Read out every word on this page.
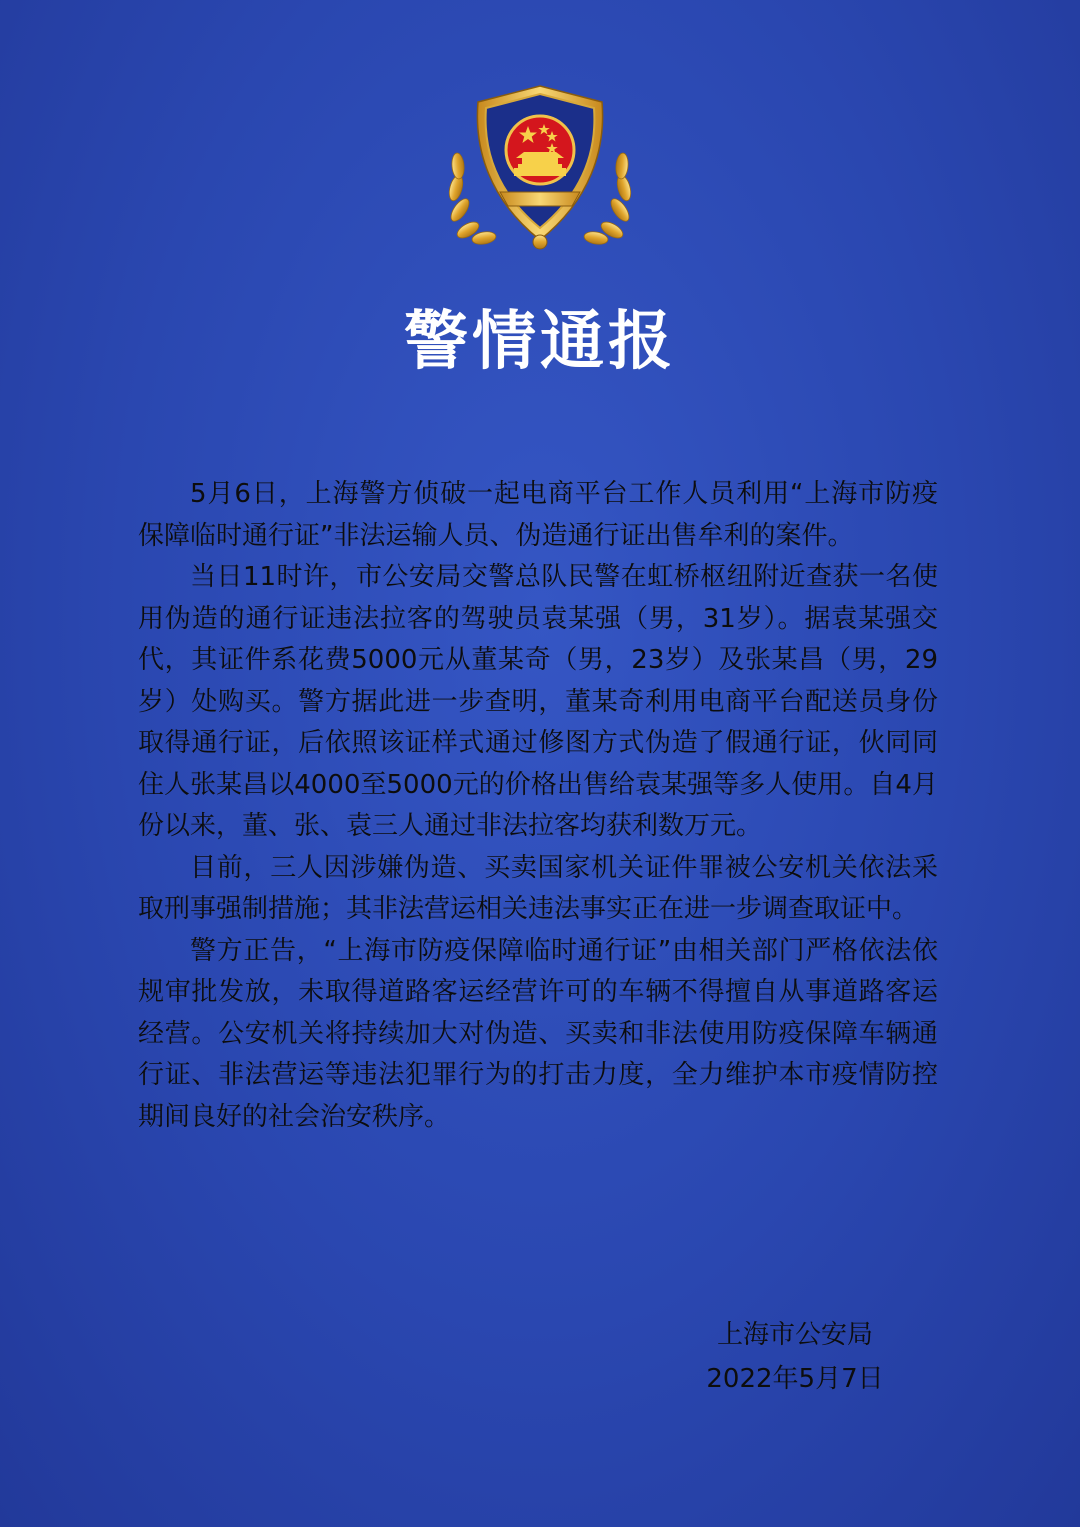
警情通报

5月6日，上海警方侦破一起电商平台工作人员利用“上海市防疫保障临时通行证”非法运输人员、伪造通行证出售牟利的案件。

当日11时许，市公安局交警总队民警在虹桥枢纽附近查获一名使用伪造的通行证违法拉客的驾驶员袁某强（男，31岁）。据袁某强交代，其证件系花费5000元从董某奇（男，23岁）及张某昌（男，29岁）处购买。警方据此进一步查明，董某奇利用电商平台配送员身份取得通行证，后依照该证样式通过修图方式伪造了假通行证，伙同同住人张某昌以4000至5000元的价格出售给袁某强等多人使用。自4月份以来，董、张、袁三人通过非法拉客均获利数万元。

目前，三人因涉嫌伪造、买卖国家机关证件罪被公安机关依法采取刑事强制措施；其非法营运相关违法事实正在进一步调查取证中。

警方正告，“上海市防疫保障临时通行证”由相关部门严格依法依规审批发放，未取得道路客运经营许可的车辆不得擅自从事道路客运经营。公安机关将持续加大对伪造、买卖和非法使用防疫保障车辆通行证、非法营运等违法犯罪行为的打击力度，全力维护本市疫情防控期间良好的社会治安秩序。

上海市公安局
2022年5月7日
